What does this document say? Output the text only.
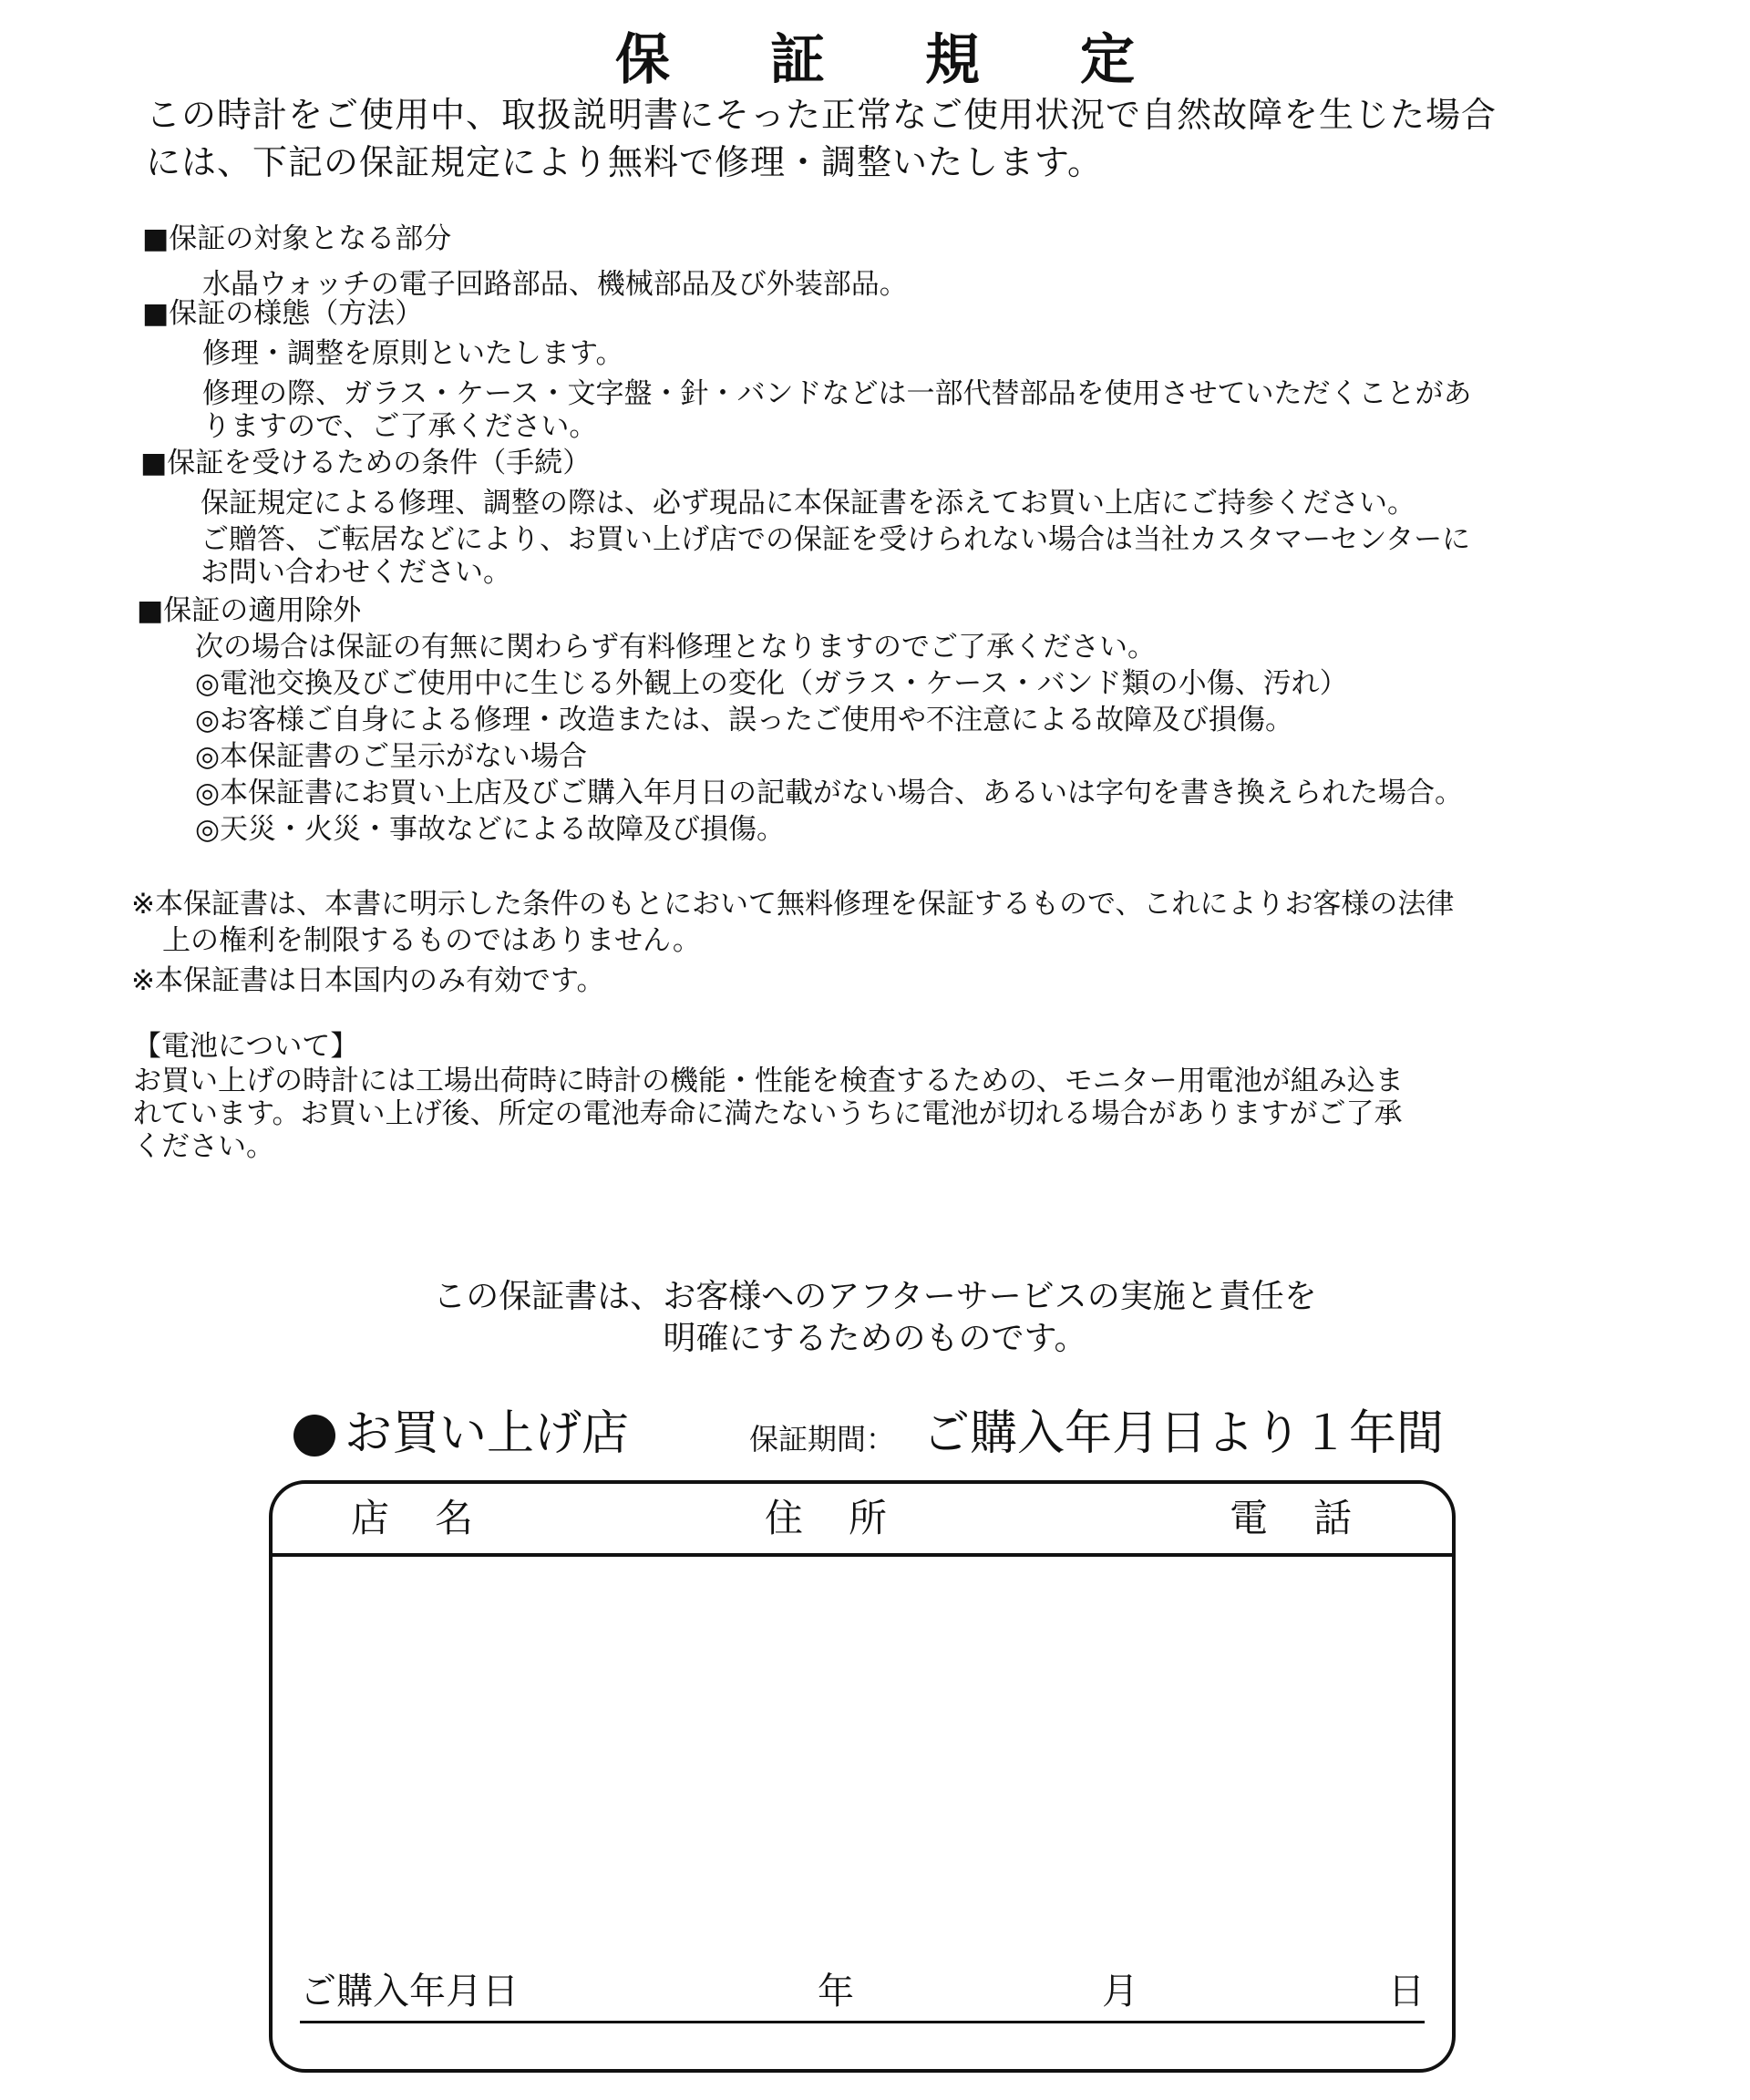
保証規定
この時計をご使用中、取扱説明書にそった正常なご使用状況で自然故障を生じた場合
には、下記の保証規定により無料で修理・調整いたします。
■保証の対象となる部分
水晶ウォッチの電子回路部品、機械部品及び外装部品。
■保証の様態（方法）
修理・調整を原則といたします。
修理の際、ガラス・ケース・文字盤・針・バンドなどは一部代替部品を使用させていただくことがあ
りますので、ご了承ください。
■保証を受けるための条件（手続）
保証規定による修理、調整の際は、必ず現品に本保証書を添えてお買い上店にご持参ください。
ご贈答、ご転居などにより、お買い上げ店での保証を受けられない場合は当社カスタマーセンターに
お問い合わせください。
■保証の適用除外
次の場合は保証の有無に関わらず有料修理となりますのでご了承ください。
◎電池交換及びご使用中に生じる外観上の変化（ガラス・ケース・バンド類の小傷、汚れ）
◎お客様ご自身による修理・改造または、誤ったご使用や不注意による故障及び損傷。
◎本保証書のご呈示がない場合
◎本保証書にお買い上店及びご購入年月日の記載がない場合、あるいは字句を書き換えられた場合。
◎天災・火災・事故などによる故障及び損傷。
※本保証書は、本書に明示した条件のもとにおいて無料修理を保証するもので、これによりお客様の法律
上の権利を制限するものではありません。
※本保証書は日本国内のみ有効です。
【電池について】
お買い上げの時計には工場出荷時に時計の機能・性能を検査するための、モニター用電池が組み込ま
れています。お買い上げ後、所定の電池寿命に満たないうちに電池が切れる場合がありますがご了承
ください。
この保証書は、お客様へのアフターサービスの実施と責任を
明確にするためのものです。
お買い上げ店	保証期間： ご購入年月日より１年間
店名	住所	電話
ご購入年月日	年	月	日
